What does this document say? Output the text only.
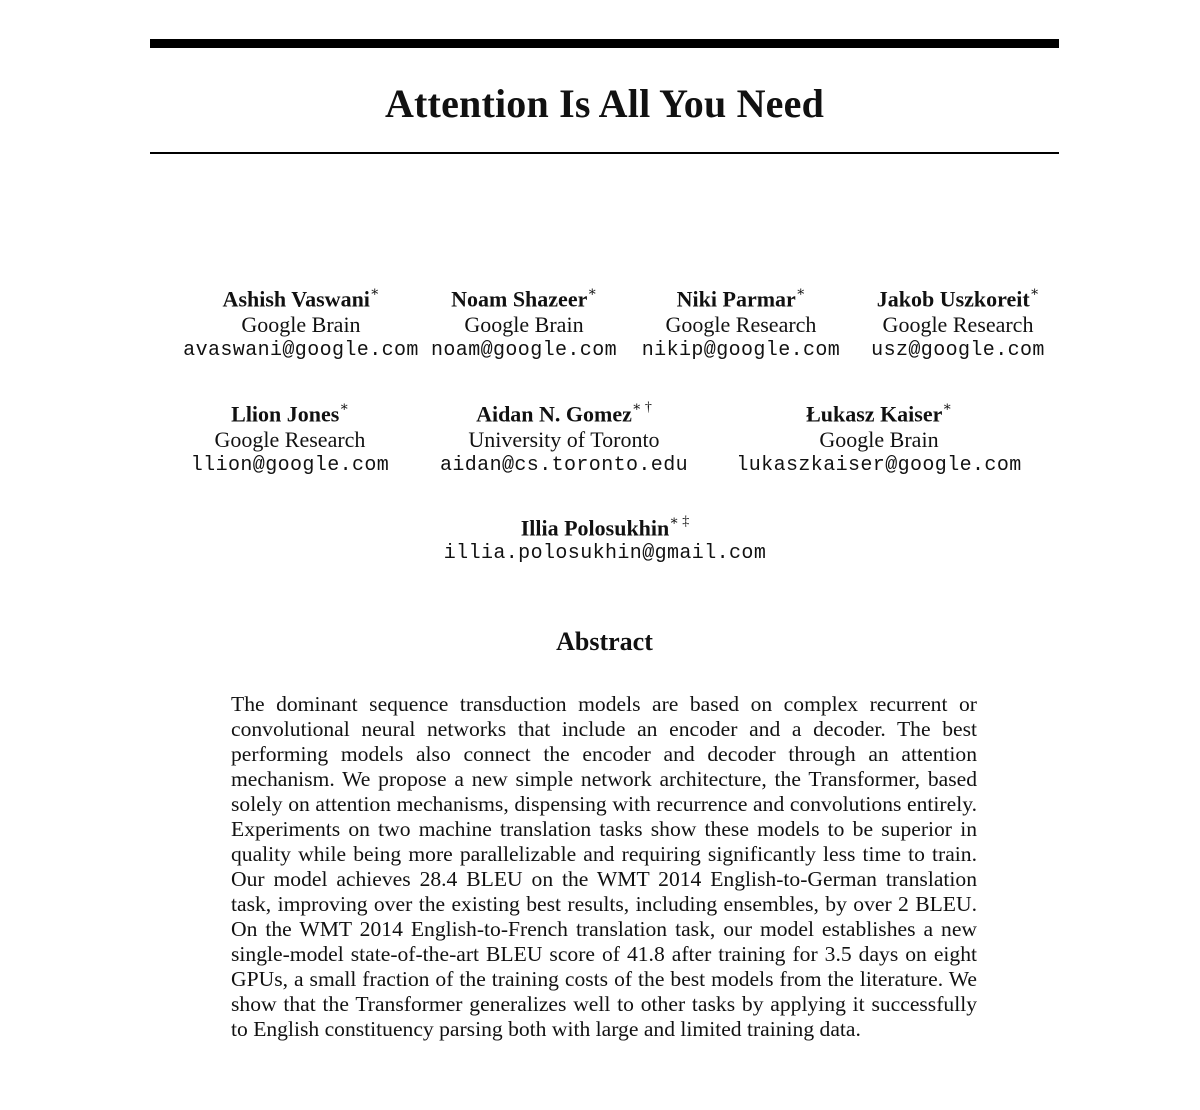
Attention Is All You Need
Ashish Vaswani∗
Google Brain
avaswani@google.com
Noam Shazeer∗
Google Brain
noam@google.com
Niki Parmar∗
Google Research
nikip@google.com
Jakob Uszkoreit∗
Google Research
usz@google.com
Llion Jones∗
Google Research
llion@google.com
Aidan N. Gomez∗ †
University of Toronto
aidan@cs.toronto.edu
Łukasz Kaiser∗
Google Brain
lukaszkaiser@google.com
Illia Polosukhin∗ ‡
illia.polosukhin@gmail.com
Abstract
The dominant sequence transduction models are based on complex recurrent or convolutional neural networks that include an encoder and a decoder. The best performing models also connect the encoder and decoder through an attention mechanism. We propose a new simple network architecture, the Transformer, based solely on attention mechanisms, dispensing with recurrence and convolutions entirely. Experiments on two machine translation tasks show these models to be superior in quality while being more parallelizable and requiring significantly less time to train. Our model achieves 28.4 BLEU on the WMT 2014 English-to-German translation task, improving over the existing best results, including ensembles, by over 2 BLEU. On the WMT 2014 English-to-French translation task, our model establishes a new single-model state-of-the-art BLEU score of 41.8 after training for 3.5 days on eight GPUs, a small fraction of the training costs of the best models from the literature. We show that the Transformer generalizes well to other tasks by applying it successfully to English constituency parsing both with large and limited training data.
